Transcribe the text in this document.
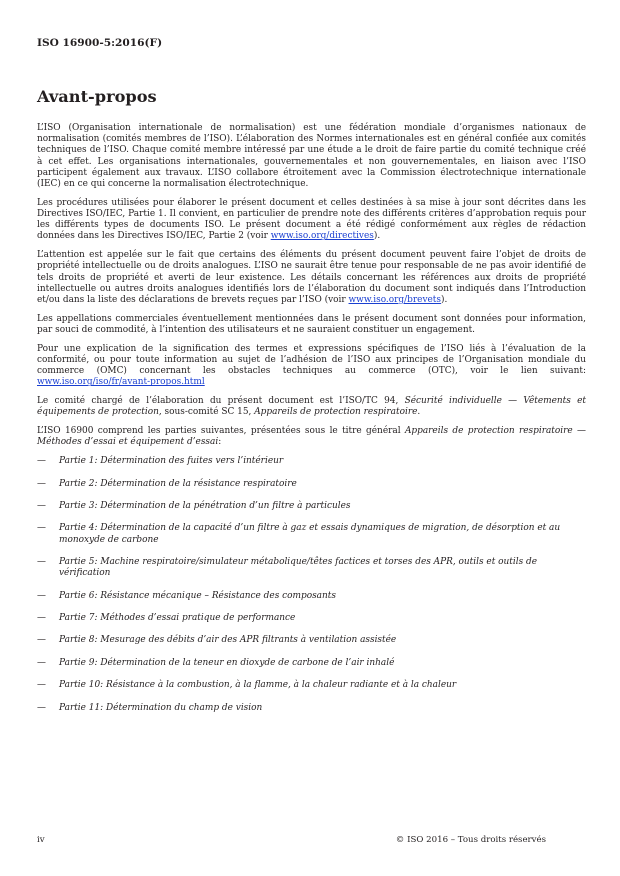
ISO 16900-5:2016(F)
Avant-propos

L’ISO (Organisation internationale de normalisation) est une fédération mondiale d’organismes nationaux de normalisation (comités membres de l’ISO). L’élaboration des Normes internationales est en général confiée aux comités techniques de l’ISO. Chaque comité membre intéressé par une étude a le droit de faire partie du comité technique créé à cet effet. Les organisations internationales, gouvernementales et non gouvernementales, en liaison avec l’ISO participent également aux travaux. L’ISO collabore étroitement avec la Commission électrotechnique internationale (IEC) en ce qui concerne la normalisation électrotechnique.

Les procédures utilisées pour élaborer le présent document et celles destinées à sa mise à jour sont décrites dans les Directives ISO/IEC, Partie 1. Il convient, en particulier de prendre note des différents critères d’approbation requis pour les différents types de documents ISO. Le présent document a été rédigé conformément aux règles de rédaction données dans les Directives ISO/IEC, Partie 2 (voir www.iso.org/directives).

L’attention est appelée sur le fait que certains des éléments du présent document peuvent faire l’objet de droits de propriété intellectuelle ou de droits analogues. L’ISO ne saurait être tenue pour responsable de ne pas avoir identifié de tels droits de propriété et averti de leur existence. Les détails concernant les références aux droits de propriété intellectuelle ou autres droits analogues identifiés lors de l’élaboration du document sont indiqués dans l’Introduction et/ou dans la liste des déclarations de brevets reçues par l’ISO (voir www.iso.org/brevets).

Les appellations commerciales éventuellement mentionnées dans le présent document sont données pour information, par souci de commodité, à l’intention des utilisateurs et ne sauraient constituer un engagement.

Pour une explication de la signification des termes et expressions spécifiques de l’ISO liés à l’évaluation de la conformité, ou pour toute information au sujet de l’adhésion de l’ISO aux principes de l’Organisation mondiale du commerce (OMC) concernant les obstacles techniques au commerce (OTC), voir le lien suivant: www.iso.org/iso/fr/avant-propos.html

Le comité chargé de l’élaboration du présent document est l’ISO/TC 94, Sécurité individuelle — Vêtements et équipements de protection, sous-comité SC 15, Appareils de protection respiratoire.

L’ISO 16900 comprend les parties suivantes, présentées sous le titre général Appareils de protection respiratoire — Méthodes d’essai et équipement d’essai:

— Partie 1: Détermination des fuites vers l’intérieur
— Partie 2: Détermination de la résistance respiratoire
— Partie 3: Détermination de la pénétration d’un filtre à particules
— Partie 4: Détermination de la capacité d’un filtre à gaz et essais dynamiques de migration, de désorption et au monoxyde de carbone
— Partie 5: Machine respiratoire/simulateur métabolique/têtes factices et torses des APR, outils et outils de vérification
— Partie 6: Résistance mécanique – Résistance des composants
— Partie 7: Méthodes d’essai pratique de performance
— Partie 8: Mesurage des débits d’air des APR filtrants à ventilation assistée
— Partie 9: Détermination de la teneur en dioxyde de carbone de l’air inhalé
— Partie 10: Résistance à la combustion, à la flamme, à la chaleur radiante et à la chaleur
— Partie 11: Détermination du champ de vision
iv	© ISO 2016 – Tous droits réservés
